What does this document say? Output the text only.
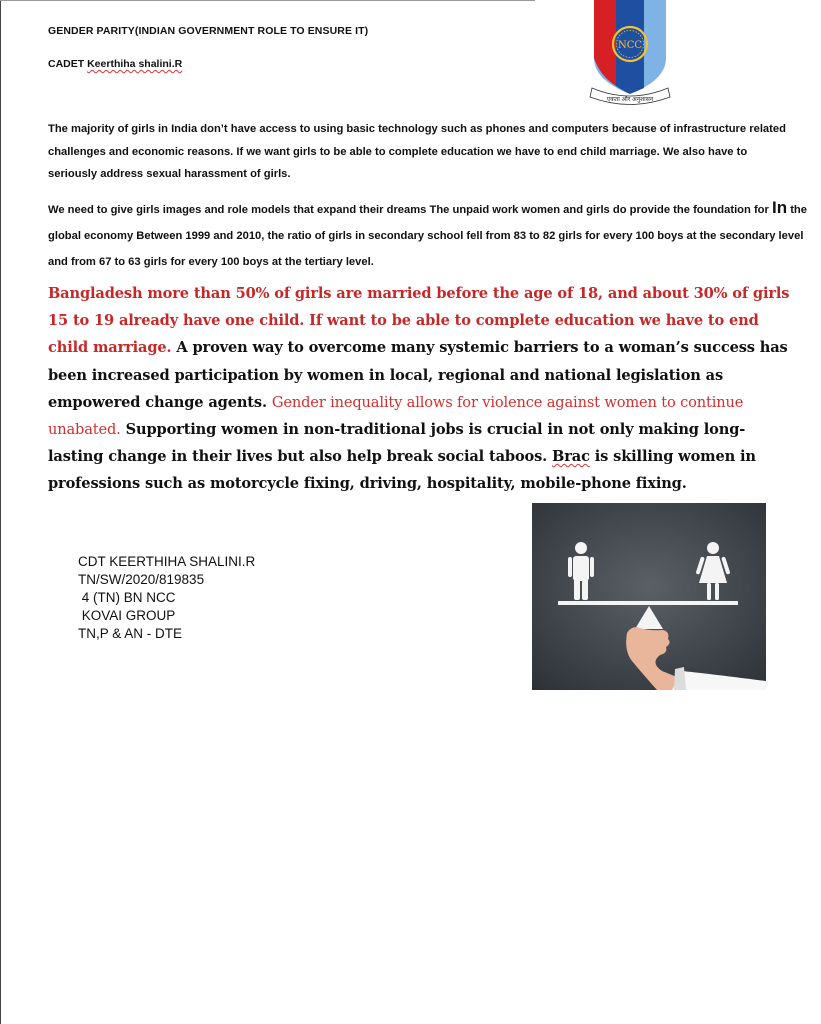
GENDER PARITY(INDIAN GOVERNMENT ROLE TO ENSURE IT)
CADET Keerthiha shalini.R
NCC
एकता और अनुशासन
The majority of girls in India don’t have access to using basic technology such as phones and computers because of infrastructure related challenges and economic reasons. If we want girls to be able to complete education we have to end child marriage. We also have to seriously address sexual harassment of girls.
We need to give girls images and role models that expand their dreams The unpaid work women and girls do provide the foundation for In the global economy Between 1999 and 2010, the ratio of girls in secondary school fell from 83 to 82 girls for every 100 boys at the secondary level and from 67 to 63 girls for every 100 boys at the tertiary level.
Bangladesh more than 50% of girls are married before the age of 18, and about 30% of girls 15 to 19 already have one child. If want to be able to complete education we have to end child marriage. A proven way to overcome many systemic barriers to a woman’s success has been increased participation by women in local, regional and national legislation as empowered change agents. Gender inequality allows for violence against women to continue unabated. Supporting women in non-traditional jobs is crucial in not only making long-lasting change in their lives but also help break social taboos. Brac is skilling women in professions such as motorcycle fixing, driving, hospitality, mobile-phone fixing.
CDT KEERTHIHA SHALINI.R
TN/SW/2020/819835
4 (TN) BN NCC
KOVAI GROUP
TN,P & AN - DTE
